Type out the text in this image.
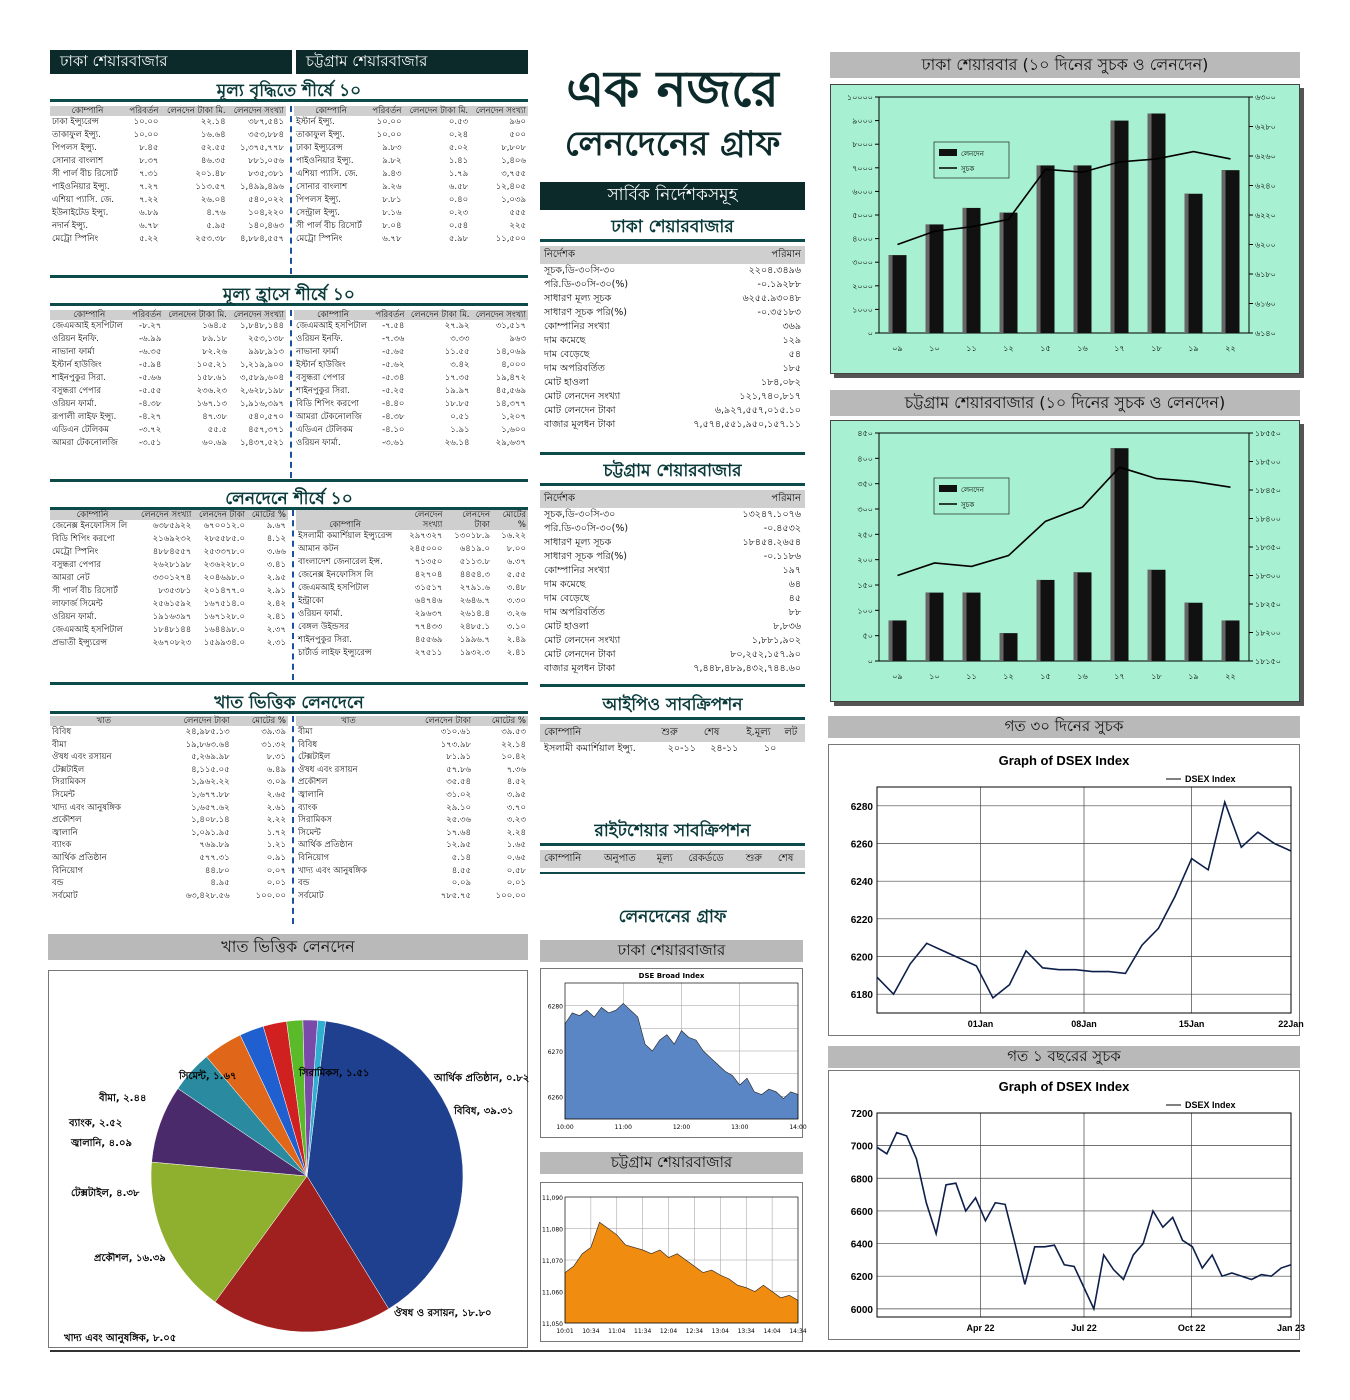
ঢাকা শেয়ারবাজার	চট্টগ্রাম শেয়ারবাজার
মূল্য বৃদ্ধিতে শীর্ষে ১০
কোম্পানি	পরিবর্তন	লেনদেন টাকা মি.	লেনদেন সংখ্যা
ঢাকা ইন্স্যুরেন্স	১০.০০	২২.১৪	৩৮৭,৫৪১
তাকাফুল ইন্স্যু.	১০.০০	১৬.৬৪	৩৫৩,৮৮৪
পিপলস ইন্স্যু.	৮.৪৫	৫২.৫৫	১,৩৭৫,৭৭৮
সোনার বাংলাশ	৮.৩৭	৪৬.৩৫	৮৮১,০৫৬
সী পার্ল বীচ রিসোর্ট	৭.৩১	২০১.৪৮	৮৩৫,৩৮১
পাইওনিয়ার ইন্স্যু.	৭.২৭	১১৩.৫৭	১,৪৯৯,৪৯৬
এশিয়া প্যাসি. জে.	৭.২২	২৬.০৪	৫৪০,০২২
ইউনাইটেড ইন্স্যু.	৬.৮৯	৪.৭৬	১০৪,২২০
নদার্ন ইন্স্যু.	৬.৭৮	৫.৯৫	১৪০,৪৬৩
মেট্রো স্পিনিং	৫.২২	২৫৩.৩৮	৪,৮৮৪,৫৫৭
কোম্পানি	পরিবর্তন	লেনদেন টাকা মি.	লেনদেন সংখ্যা
ইস্টার্ন ইন্স্যু.	১০.০০	০.৫৩	৯৬০
তাকাফুল ইন্স্যু.	১০.০০	০.২৪	৫০০
ঢাকা ইন্স্যুরেন্স	৯.৮৩	৫.০২	৮,৮০৮
পাইওনিয়ার ইন্স্যু.	৯.৮২	১.৪১	১,৪০৬
এশিয়া প্যাসি. জে.	৯.৪৩	১.৭৯	৩,৭৫৫
সোনার বাংলাশ	৯.২৬	৬.৫৮	১২,৪০৫
পিপলস ইন্স্যু.	৮.৮১	০.৪০	১,০৩৯
সেন্ট্রাল ইন্স্যু.	৮.১৬	০.২৩	৫৫৫
সী পার্ল বীচ রিসোর্ট	৮.০৪	০.৫৪	২২৫
মেট্রো স্পিনিং	৬.৭৮	৫.৯৮	১১,৫০০
মূল্য হ্রাসে শীর্ষে ১০
কোম্পানি	পরিবর্তন	লেনদেন টাকা মি.	লেনদেন সংখ্যা
জেএমআই হসপিটাল	-৮.২৭	১৬৪.৫	১,৮৪৮,১৪৪
ওরিয়ন ইনফি.	-৬.৯৯	৮৯.১৮	২৫৩,১৩৮
নাভানা ফার্মা	-৬.৩৫	৮২.২৬	৯৯৮,৯১৩
ইস্টার্ন হাউজিং	-৫.৯৪	১০৫.২১	১,২১৯,৯০০
শাইনপুকুর সিরা.	-৫.৬৬	১৫৮.৬১	৩,৫৮৯,৬০৪
বসুন্ধরা পেপার	-৫.৫৫	২৩৬.২৩	২,৬২৮,১৯৮
ওরিয়ন ফার্মা.	-৪.৩৮	১৬৭.১৩	১,৯১৬,৩৯৭
রূপালী লাইফ ইন্স্যু.	-৪.২৭	৪৭.৩৮	৫৪০,৫৭০
এডিএন টেলিকম	-৩.৭২	৫৫.৫	৪৫৭,৩৭১
আমরা টেকনোলজি	-৩.৫১	৬০.৬৯	১,৪৩৭,৫২১
কোম্পানি	পরিবর্তন	লেনদেন টাকা মি.	লেনদেন সংখ্যা
জেএমআই হসপিটাল	-৭.৫৪	২৭.৯২	৩১,৫১৭
ওরিয়ন ইনফি.	-৭.৩৬	৩.৩৩	৯৬৩
নাভানা ফার্মা	-৫.৬৫	১১.৫৫	১৪,০৬৯
ইস্টার্ন হাউজিং	-৫.৬২	৩.৪২	৪,০০০
বসুন্ধরা পেপার	-৫.৩৪	১৭.৩৫	১৯,৪৭২
শাইনপুকুর সিরা.	-৫.২৫	১৯.৯৭	৪৫,৫৬৯
বিডি শিপিং করপো	-৪.৪০	১৮.৮৫	১৪,৩৭৭
আমরা টেকনোলজি	-৪.৩৮	০.৫১	১,২০৭
এডিএন টেলিকম	-৪.১০	১.৯১	১,৬০০
ওরিয়ন ফার্মা.	-৩.৬১	২৬.১৪	২৯,৬৩৭
লেনদেনে শীর্ষে ১০
কোম্পানি	লেনদেন সংখ্যা	লেনদেন টাকা	মোটের %
জেনেক্স ইনফোসিস লি	৬৩৮৫৯২২	৬৭০০১২.০	৯.৬৭
বিডি শিপিং করপো	২১৬৯২৩২	২৮৫৫৮৫.০	৪.১২
মেট্রো স্পিনিং	৪৮৮৪৫৫৭	২৫৩৩৭৮.০	৩.৬৬
বসুন্ধরা পেপার	২৬২৮১৯৮	২৩৬২২৮.০	৩.৪১
আমরা নেট	৩৩০১২৭৪	২০৪৬৯৮.০	২.৯৫
সী পার্ল বীচ রিসোর্ট	৮৩৫৩৮১	২০১৪৭৭.০	২.৯১
লাফার্জ সিমেন্ট	২৫৬১৫৯২	১৬৭৫১৪.০	২.৪২
ওরিয়ন ফার্মা.	১৯১৬৩৯৭	১৬৭১২৮.০	২.৪১
জেএমআই হসপিটাল	১৮৪৮১৪৪	১৬৪৪৯৮.০	২.৩৭
প্রভাতী ইন্স্যুরেন্স	২৬৭০৮২৩	১৫৯৯৩৪.০	২.৩১
কোম্পানি	লেনদেন সংখ্যা	লেনদেন টাকা	মোটের %
ইসলামী কমার্শিয়াল ইন্স্যুরেন্স	২৯৭৩২৭	১৩০১৮.৯	১৬.২২
আমান কটন	২৪৫০০০	৬৪১৯.০	৮.০০
বাংলাদেশ জেনারেল ইন্স.	৭১৩৫০	৫১১৩.৮	৬.৩৭
জেনেক্স ইনফোসিস লি	৪২৭০৪	৪৪৫৪.৩	৫.৫৫
জেএমআই হসপিটাল	৩১৫১৭	২৭৯১.৬	৩.৪৮
ইন্ট্রাকো	৬৪৭৪৬	২৬৪৬.৭	৩.৩০
ওরিয়ন ফার্মা.	২৯৬৩৭	২৬১৪.৪	৩.২৬
বেঙ্গল উইন্ডসর	৭৭৪৩৩	২৪৮৫.১	৩.১০
শাইনপুকুর সিরা.	৪৫৫৬৯	১৯৯৬.৭	২.৪৯
চার্টার্ড লাইফ ইন্স্যুরেন্স	২৭৫১১	১৯৩২.৩	২.৪১
খাত ভিত্তিক লেনদেনে
খাত	লেনদেন টাকা	মোটের %
বিবিধ	২৪,৯৮৫.১৩	৩৯.৩৯
বীমা	১৯,৮৬৩.৬৪	৩১.৩২
ঔষধ এবং রসায়ন	৫,২৬৯.৯৮	৮.৩১
টেক্সটাইল	৪,১১৫.০৫	৬.৪৯
সিরামিকস	১,৯৬২.২২	৩.০৯
সিমেন্ট	১,৬৭৭.৮৮	২.৬৫
খাদ্য এবং আনুষঙ্গিক	১,৬৫৭.৬২	২.৬১
প্রকৌশল	১,৪০৮.১৪	২.২২
জ্বালানি	১,০৯১.৯৫	১.৭২
ব্যাংক	৭৬৯.৮৯	১.২১
আর্থিক প্রতিষ্ঠান	৫৭৭.৩১	০.৯১
বিনিয়োগ	৪৪.৮০	০.০৭
বন্ড	৪.৯৫	০.০১
সর্বমোট	৬৩,৪২৮.৫৬	১০০.০০
খাত	লেনদেন টাকা	মোটের %
বীমা	৩১০.৬১	৩৯.৫৩
বিবিধ	১৭৩.৯৮	২২.১৪
টেক্সটাইল	৮১.৯১	১০.৪২
ঔষধ এবং রসায়ন	৫৭.৮৬	৭.৩৬
প্রকৌশল	৩৫.৫৪	৪.৫২
জ্বালানি	৩১.০২	৩.৯৫
ব্যাংক	২৯.১০	৩.৭০
সিরামিকস	২৫.৩৬	৩.২৩
সিমেন্ট	১৭.৬৪	২.২৪
আর্থিক প্রতিষ্ঠান	১২.৯৫	১.৬৫
বিনিয়োগ	৫.১৪	০.৬৫
খাদ্য এবং আনুষঙ্গিক	৪.৫৫	০.৫৮
বন্ড	০.০৯	০.০১
সর্বমোট	৭৮৫.৭৫	১০০.০০
খাত ভিত্তিক লেনদেন
বিবিধ, ৩৯.৩১
ঔষধ ও রসায়ন, ১৮.৮০
প্রকৌশল, ১৬.৩৯
খাদ্য এবং আনুষঙ্গিক, ৮.০৫
টেক্সটাইল, ৪.৩৮
জ্বালানি, ৪.০৯
ব্যাংক, ২.৫২
বীমা, ২.৪৪
সিমেন্ট, ১.৬৭	সিরামিকস, ১.৫১	আর্থিক প্রতিষ্ঠান, ০.৮২
এক নজরে
লেনদেনের গ্রাফ
সার্বিক নির্দেশকসমূহ
ঢাকা শেয়ারবাজার
নির্দেশক	পরিমান
সূচক,ডি-৩০সি-৩০	২২০৪.৩৪৯৬
পরি.ডি-৩০সি-৩০(%)	-০.১৯২৮৮
সাধারণ মূল্য সূচক	৬২৫৫.৯৩০৪৮
সাধারণ সূচক পরি(%)	-০.৩৫১৮৩
কোম্পানির সংখ্যা	৩৬৯
দাম কমেছে	১২৯
দাম বেড়েছে	৫৪
দাম অপরিবর্তিত	১৮৫
মোট হাওলা	১৮৪,০৮২
মোট লেনদেন সংখ্যা	১২১,৭৪০,৮১৭
মোট লেনদেন টাকা	৬,৯২৭,৫৫৭,০১৫.১০
বাজার মূলধন টাকা	৭,৫৭৪,৫৫১,৯৫০,১৫৭.১১
চট্টগ্রাম শেয়ারবাজার
নির্দেশক	পরিমান
সূচক,ডি-৩০সি-৩০	১৩২৪৭.১০৭৬
পরি.ডি-৩০সি-৩০(%)	-০.৪৫৩২
সাধারণ মূল্য সূচক	১৮৪৫৪.২৬৫৪
সাধারণ সূচক পরি(%)	-০.১১৮৬
কোম্পানির সংখ্যা	১৯৭
দাম কমেছে	৬৪
দাম বেড়েছে	৪৫
দাম অপরিবর্তিত	৮৮
মোট হাওলা	৮,৮৩৬
মোট লেনদেন সংখ্যা	১,৮৮১,৯০২
মোট লেনদেন টাকা	৮০,২৫২,১৫৭.৯০
বাজার মূলধন টাকা	৭,৪৪৮,৪৮৯,৪৩২,৭৪৪.৬০
আইপিও সাবক্রিপশন
কোম্পানি	শুরু	শেষ	ই.মূল্য	লট
ইসলামী কমার্শিয়াল ইন্স্যু.	২০-১১	২৪-১১	১০	
রাইটশেয়ার সাবক্রিপশন
কোম্পানি	অনুপাত	মূল্য	রেকর্ডডে	শুরু	শেষ
লেনদেনের গ্রাফ
ঢাকা শেয়ারবাজার
DSE Broad Index
6280
6270
6260
10:00	11:00	12:00	13:00	14:00
চট্টগ্রাম শেয়ারবাজার
11,090
11,080
11,070
11,060
11,050
10:01 10:34 11:04 11:34 12:04 12:34 13:04 13:34 14:04 14:34
ঢাকা শেয়ারবার (১০ দিনের সুচক ও লেনদেন)
০
১০০০
২০০০
৩০০০
৪০০০
৫০০০
৬০০০
৭০০০
৮০০০
৯০০০
১০০০০
৬১৪০
৬১৬০
৬১৮০
৬২০০
৬২২০
৬২৪০
৬২৬০
৬২৮০
৬৩০০
০৯	১০	১১	১২	১৫	১৬	১৭	১৮	১৯	২২
লেনদেন
সুচক
চট্টগ্রাম শেয়ারবাজার (১০ দিনের সুচক ও লেনদেন)
০
৫০
১০০
১৫০
২০০
২৫০
৩০০
৩৫০
৪০০
৪৫০
১৮১৫০
১৮২০০
১৮২৫০
১৮৩০০
১৮৩৫০
১৮৪০০
১৮৪৫০
১৮৫০০
১৮৫৫০
০৯	১০	১১	১২	১৫	১৬	১৭	১৮	১৯	২২
লেনদেন
সুচক
গত ৩০ দিনের সুচক
Graph of DSEX Index
DSEX Index
6180
6200
6220
6240
6260
6280
01Jan	08Jan	15Jan	22Jan
গত ১ বছরের সুচক
Graph of DSEX Index
DSEX Index
6000
6200
6400
6600
6800
7000
7200
Apr 22	Jul 22	Oct 22	Jan 23
